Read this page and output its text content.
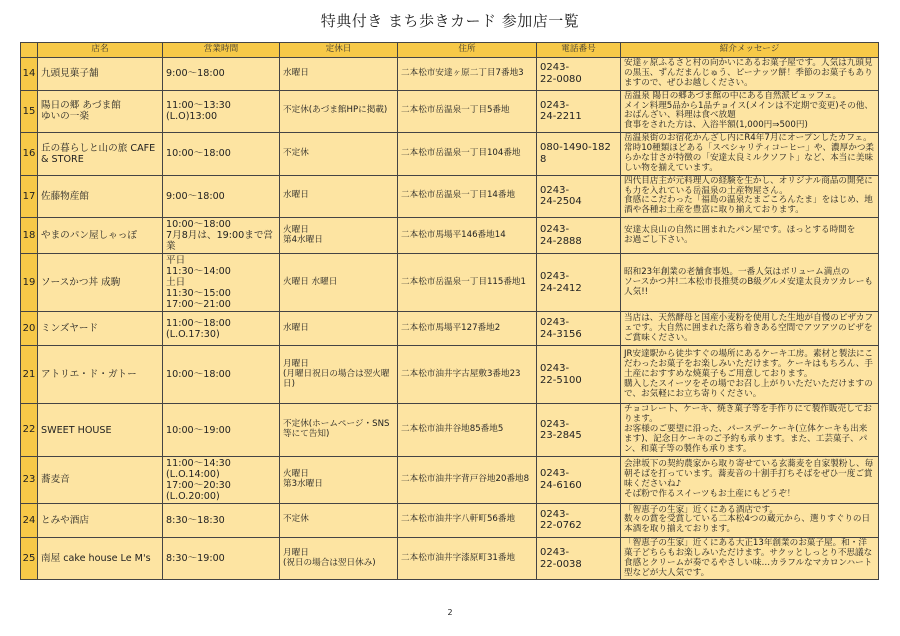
特典付き まち歩きカード 参加店一覧
	店名	営業時間	定休日	住所	電話番号	紹介メッセージ
14	九頭見菓子舗	9:00～18:00	水曜日	二本松市安達ヶ原二丁目7番地3	0243-
22-0080	安達ヶ原ふるさと村の向かいにあるお菓子屋です。人気は九頭見の黒玉、ずんだまんじゅう、ピーナッツ餅！季節のお菓子もありますので、ぜひお越しください。
15	陽日の郷 あづま館
ゆいの一楽	11:00～13:30
(L.O)13:00	不定休(あづま館HPに掲載)	二本松市岳温泉一丁目5番地	0243-
24-2211	岳温泉 陽日の郷あづま館の中にある自然派ビュッフェ。
メイン料理5品から1品チョイス(メインは不定期で変更)その他、おばんざい、料理は食べ放題
食事をされた方は、入浴半額(1,000円⇒500円)
16	丘の暮らしと山の旅 CAFE & STORE	10:00～18:00	不定休	二本松市岳温泉一丁目104番地	080-1490-1828	岳温泉街のお宿花かんざし内にR4年7月にオープンしたカフェ。常時10種類ほどある「スペシャリティコーヒー」や、濃厚かつ柔らかな甘さが特徴の「安達太良ミルクソフト」など、本当に美味しい物を揃えています。
17	佐藤物産館	9:00～18:00	水曜日	二本松市岳温泉一丁目14番地	0243-
24-2504	四代目店主が元料理人の経験を生かし、オリジナル商品の開発にも力を入れている岳温泉の土産物屋さん。
食感にこだわった「福島の温泉たまごころんたま」をはじめ、地酒や各種お土産を豊富に取り揃えております。
18	やまのパン屋しゃっぽ	10:00～18:00
7月8月は、19:00まで営業	火曜日
第4水曜日	二本松市馬場平146番地14	0243-
24-2888	安達太良山の自然に囲まれたパン屋です。ほっとする時間を
お過ごし下さい。
19	ソースかつ丼 成駒	平日
11:30～14:00
土日
11:30～15:00
17:00～21:00	火曜日 水曜日	二本松市岳温泉一丁目115番地1	0243-
24-2412	昭和23年創業の老舗食事処。一番人気はボリューム満点の
ソースかつ丼!二本松市長推奨のB級グルメ安達太良カツカレーも人気!!
20	ミンズヤード	11:00～18:00
(L.O.17:30)	水曜日	二本松市馬場平127番地2	0243-
24-3156	当店は、天然酵母と国産小麦粉を使用した生地が自慢のピザカフェです。大自然に囲まれた落ち着きある空間でアツアツのピザをご賞味ください。
21	アトリエ・ド・ガトー	10:00～18:00	月曜日
(月曜日祝日の場合は翌火曜日)	二本松市油井字古屋敷3番地23	0243-
22-5100	JR安達駅から徒歩すぐの場所にあるケーキ工房。素材と製法にこだわったお菓子をお楽しみいただけます。ケーキはもちろん、手土産におすすめな焼菓子もご用意しております。
購入したスイーツをその場でお召し上がりいただいただけますので、お気軽にお立ち寄りください。
22	SWEET HOUSE	10:00～19:00	不定休(ホームページ・SNS等にて告知)	二本松市油井谷地85番地5	0243-
23-2845	チョコレート、ケーキ、焼き菓子等を手作りにて製作販売しております。
お客様のご要望に沿った、パースデーケーキ(立体ケーキも出来ます)、記念日ケーキのご予約も承ります。また、工芸菓子、パン、和菓子等の製作も承ります。
23	蕎麦音	11:00～14:30
(L.O.14:00)
17:00～20:30
(L.O.20:00)	火曜日
第3水曜日	二本松市油井字背戸谷地20番地8	0243-
24-6160	会津坂下の契約農家から取り寄せている玄蕎麦を自家製粉し、毎朝そばを打っています。蕎麦音の十割手打ちそばをぜひ一度ご賞味くださいね♪
そば粉で作るスイーツもお土産にもどうぞ！
24	とみや酒店	8:30～18:30	不定休	二本松市油井字八軒町56番地	0243-
22-0762	「智恵子の生家」近くにある酒店です。
数々の賞を受賞している二本松4つの蔵元から、選りすぐりの日本酒を取り揃えております。
25	南屋 cake house Le M's	8:30～19:00	月曜日
(祝日の場合は翌日休み)	二本松市油井字漆原町31番地	0243-
22-0038	「智恵子の生家」近くにある大正13年創業のお菓子屋。和・洋菓子どちらもお楽しみいただけます。サクッとしっとり不思議な食感とクリームが奏でるやさしい味…カラフルなマカロンハート型などが大人気です。
2
